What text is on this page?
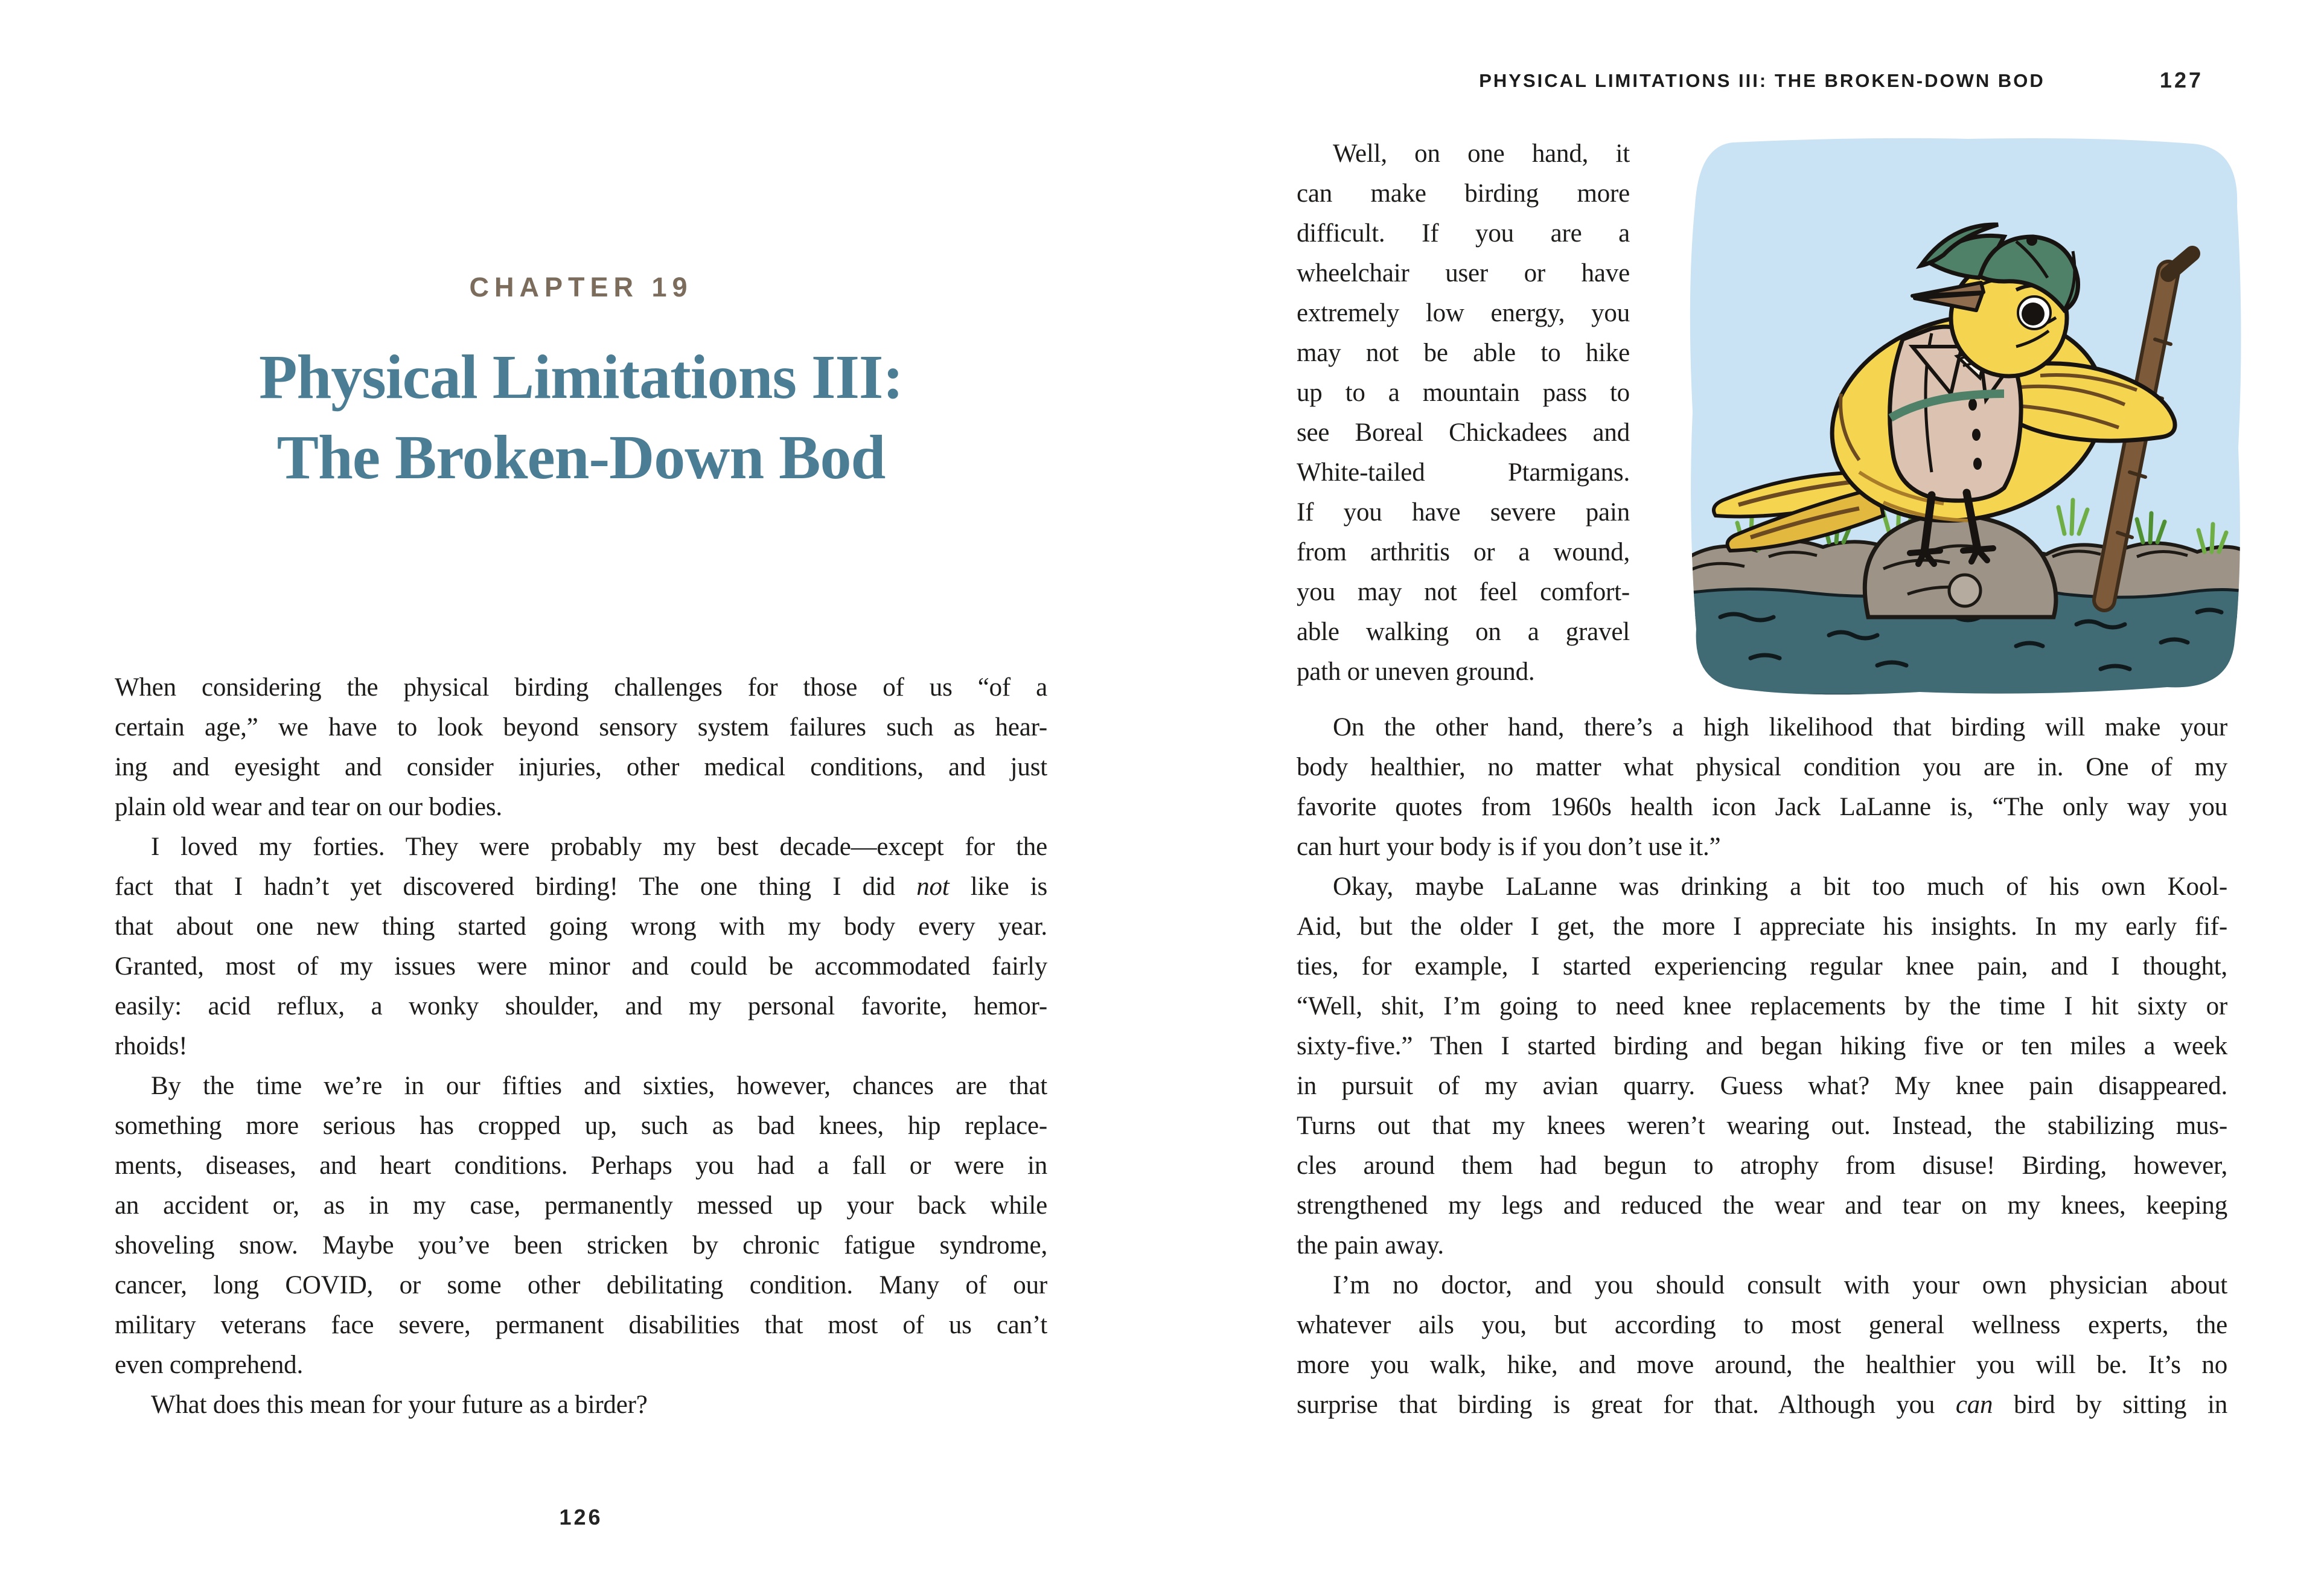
CHAPTER 19
Physical Limitations III:
The Broken-Down Bod
When considering the physical birding challenges for those of us “of a
certain age,” we have to look beyond sensory system failures such as hear-
ing and eyesight and consider injuries, other medical conditions, and just
plain old wear and tear on our bodies.
I loved my forties. They were probably my best decade—except for the
fact that I hadn’t yet discovered birding! The one thing I did not like is
that about one new thing started going wrong with my body every year.
Granted, most of my issues were minor and could be accommodated fairly
easily: acid reflux, a wonky shoulder, and my personal favorite, hemor-
rhoids!
By the time we’re in our fifties and sixties, however, chances are that
something more serious has cropped up, such as bad knees, hip replace-
ments, diseases, and heart conditions. Perhaps you had a fall or were in
an accident or, as in my case, permanently messed up your back while
shoveling snow. Maybe you’ve been stricken by chronic fatigue syndrome,
cancer, long COVID, or some other debilitating condition. Many of our
military veterans face severe, permanent disabilities that most of us can’t
even comprehend.
What does this mean for your future as a birder?
126
PHYSICAL LIMITATIONS III: THE BROKEN-DOWN BOD	127
Well, on one hand, it
can make birding more
difficult. If you are a
wheelchair user or have
extremely low energy, you
may not be able to hike
up to a mountain pass to
see Boreal Chickadees and
White-tailed Ptarmigans.
If you have severe pain
from arthritis or a wound,
you may not feel comfort-
able walking on a gravel
path or uneven ground.
On the other hand, there’s a high likelihood that birding will make your
body healthier, no matter what physical condition you are in. One of my
favorite quotes from 1960s health icon Jack LaLanne is, “The only way you
can hurt your body is if you don’t use it.”
Okay, maybe LaLanne was drinking a bit too much of his own Kool-
Aid, but the older I get, the more I appreciate his insights. In my early fif-
ties, for example, I started experiencing regular knee pain, and I thought,
“Well, shit, I’m going to need knee replacements by the time I hit sixty or
sixty-five.” Then I started birding and began hiking five or ten miles a week
in pursuit of my avian quarry. Guess what? My knee pain disappeared.
Turns out that my knees weren’t wearing out. Instead, the stabilizing mus-
cles around them had begun to atrophy from disuse! Birding, however,
strengthened my legs and reduced the wear and tear on my knees, keeping
the pain away.
I’m no doctor, and you should consult with your own physician about
whatever ails you, but according to most general wellness experts, the
more you walk, hike, and move around, the healthier you will be. It’s no
surprise that birding is great for that. Although you can bird by sitting in
